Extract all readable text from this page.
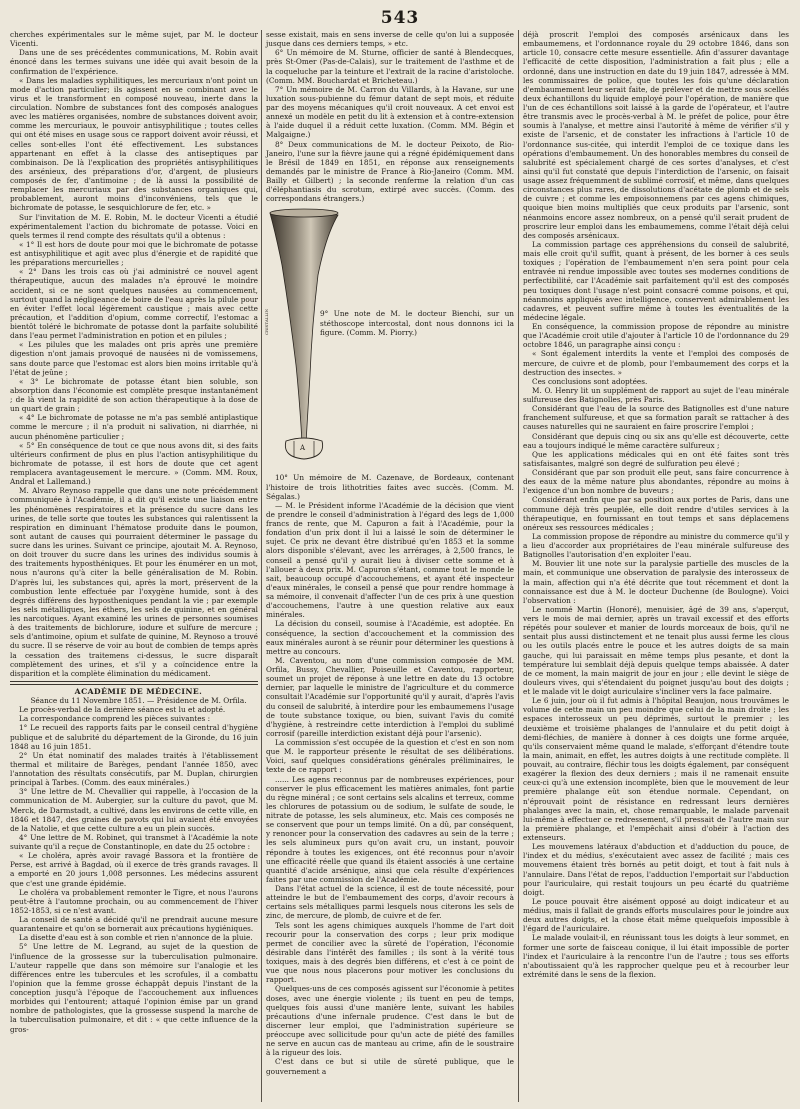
543

cherches expérimentales sur le même sujet, par M. le docteur Vicenti.

Dans une de ses précédentes communications, M. Robin avait énoncé dans les termes suivans une idée qui avait besoin de la confirmation de l'expérience.

« Dans les maladies syphilitiques, les mercuriaux n'ont point un mode d'action particulier; ils agissent en se combinant avec le virus et le transforment en composé nouveau, inerte dans la circulation. Nombre de substances font des composés analogues avec les matières organisées, nombre de substances doivent avoir, comme les mercuriaux, le pouvoir antisyphilitique ; toutes celles qui ont été mises en usage sous ce rapport doivent avoir réussi, et celles sont-elles l'ont été effectivement. Les substances appartenant en effet à la classe des antiseptiques par combinaison. De là l'explication des propriétés antisyphilitiques des arsénieux, des préparations d'or, d'argent, de plusieurs composés de fer, d'antimoine ; de là aussi la possibilité de remplacer les mercuriaux par des substances organiques qui, probablement, auront moins d'inconvéniens, tels que le bichromate de potasse, le sesquichlorure de fer, etc. »

Sur l'invitation de M. E. Robin, M. le docteur Vicenti a étudié expérimentalement l'action du bichromate de potasse. Voici en quels termes il rend compte des résultats qu'il a obtenus :

« 1° Il est hors de doute pour moi que le bichromate de potasse est antisyphilitique et agit avec plus d'énergie et de rapidité que les préparations mercurielles ;

« 2° Dans les trois cas où j'ai administré ce nouvel agent thérapeutique, aucun des malades n'a éprouvé le moindre accident, si ce ne sont quelques nausées au commencement, surtout quand la négligeance de boire de l'eau après la pilule pour en éviter l'effet local légèrement caustique ; mais avec cette précaution, et l'addition d'opium, comme correctif, l'estomac a bientôt toléré le bichromate de potasse dont la parfaite solubilité dans l'eau permet l'administration en potion et en pilules ;

« Les pilules que les malades ont pris après une première digestion n'ont jamais provoqué de nausées ni de vomissemens, sans doute parce que l'estomac est alors bien moins irritable qu'à l'état de jeûne ;

« 3° Le bichromate de potasse étant bien soluble, son absorption dans l'économie est complète presque instantanément ; de là vient la rapidité de son action thérapeutique à la dose de un quart de grain ;

« 4° Le bichromate de potasse ne m'a pas semblé antiplastique comme le mercure ; il n'a produit ni salivation, ni diarrhée, ni aucun phénomène particulier ;

« 5° En conséquence de tout ce que nous avons dit, si des faits ultérieurs confirment de plus en plus l'action antisyphilitique du bichromate de potasse, il est hors de doute que cet agent remplacera avantageusement le mercure. » (Comm. MM. Roux, Andral et Lallemand.)

M. Alvaro Reynoso rappelle que dans une note précédemment communiquée à l'Académie, il a dit qu'il existe une liaison entre les phénomènes respiratoires et la présence du sucre dans les urines, de telle sorte que toutes les substances qui ralentissent la respiration en diminuant l'hématose produite dans le poumon, sont autant de causes qui pourraient déterminer le passage du sucre dans les urines. Suivant ce principe, ajoutait M. A. Reynoso, on doit trouver du sucre dans les urines des individus soumis à des traitements hyposthéniques. Et pour les énumérer en un mot, nous n'aurons qu'à citer la belle généralisation de M. Robin. D'après lui, les substances qui, après la mort, préservent de la combustion lente effectuée par l'oxygène humide, sont à des degrés différens des hypostheniques pendant la vie ; par exemple les sels métalliques, les éthers, les sels de quinine, et en général les narcotiques. Ayant examiné les urines de personnes soumises à des traitements de bichlorure, iodure et sulfure de mercure ; sels d'antimoine, opium et sulfate de quinine, M. Reynoso a trouvé du sucre. Il se réserve de voir au bout de combien de temps après la cessation des traitemens ci-dessus, le sucre disparaît complètement des urines, et s'il y a coïncidence entre la disparition et la complète élimination du médicament.

ACADÉMIE DE MÉDECINE.

Séance du 11 Novembre 1851. — Présidence de M. Orfila.

Le procès-verbal de la dernière séance est lu et adopté.

La correspondance comprend les pièces suivantes :

1° Le recueil des rapports faits par le conseil central d'hygiène publique et de salubrité du département de la Gironde, du 16 juin 1848 au 16 juin 1851.

2° Un état nominatif des malades traités à l'établissement thermal et militaire de Barèges, pendant l'année 1850, avec l'annotation des résultats consécutifs, par M. Duplan, chirurgien principal à Tarbes. (Comm. des eaux minérales.)

3° Une lettre de M. Chevallier qui rappelle, à l'occasion de la communication de M. Aubergier, sur la culture du pavot, que M. Merck, de Darmstadt, a cultivé, dans les environs de cette ville, en 1846 et 1847, des graines de pavots qui lui avaient été envoyées de la Natolie, et que cette culture a eu un plein succès.

4° Une lettre de M. Robinet, qui transmet à l'Académie la note suivante qu'il a reçue de Constantinople, en date du 25 octobre :

« Le choléra, après avoir ravagé Bassora et la frontière de Perse, est arrivé à Bagdad, où il exerce de très grands ravages. Il a emporté en 20 jours 1,008 personnes. Les médecins assurent que c'est une grande épidémie.

Le choléra va probablement remonter le Tigre, et nous l'aurons peut-être à l'automne prochain, ou au commencement de l'hiver 1852-1853, si ce n'est avant.

La conseil de santé a décidé qu'il ne prendrait aucune mesure quarantenaire et qu'on se bornerait aux précautions hygiéniques.

La disette d'eau est à son comble et rien n'annonce de la pluie.

5° Une lettre de M. Legrand, au sujet de la question de l'influence de la grossesse sur la tuberculisation pulmonaire. L'auteur rappelle que dans son mémoire sur l'analogie et les différences entre les tubercules et les scrofules, il a combattu l'opinion que la femme grosse échappât depuis l'instant de la conception jusqu'à l'époque de l'accouchement aux influences morbides qui l'entourent; attaqué l'opinion émise par un grand nombre de pathologistes, que la grossesse suspend la marche de la tuberculisation pulmonaire, et dit : « que cette influence de la gros-

sesse existait, mais en sens inverse de celle qu'on lui a supposée jusque dans ces derniers temps, » etc.

6° Un mémoire de M. Sturne, officier de santé à Blendecques, près St-Omer (Pas-de-Calais), sur le traitement de l'asthme et de la coqueluche par la teinture et l'extrait de la racine d'aristoloche. (Comm. MM. Bouchardat et Bricheteau.)

7° Un mémoire de M. Carron du Villards, à la Havane, sur une luxation sous-pubienne du fémur datant de sept mois, et réduite par des moyens mécaniques qu'il croit nouveaux. A cet envoi est annexé un modèle en petit du lit à extension et à contre-extension à l'aide duquel il a réduit cette luxation. (Comm. MM. Bégin et Malgaigne.)

8° Deux communications de M. le docteur Peixoto, de Rio-Janeiro, l'une sur la fièvre jaune qui a régné épidémiquement dans le Brésil de 1849 en 1851, en réponse aux renseignements demandés par le ministre de France à Rio-Janeiro (Comm. MM. Bailly et Gilbert) ; la seconde renferme la relation d'un cas d'éléphantiasis du scrotum, extirpé avec succès. (Comm. des correspondans étrangers.)

A
CRISTALLIN	9° Une note de M. le docteur Bienchi, sur un stéthoscope intercostal, dont nous donnons ici la figure. (Comm. M. Piorry.)

10° Un mémoire de M. Cazenave, de Bordeaux, contenant l'histoire de trois lithotrities faites avec succès. (Comm. M. Ségalas.)

— M. le Président informe l'Académie de la décision que vient de prendre le conseil d'administration à l'égard des legs de 1,000 francs de rente, que M. Capuron a fait à l'Académie, pour la fondation d'un prix dont il lui a laissé le soin de déterminer le sujet. Ce prix ne devant être distribué qu'en 1853 et la somme alors disponible s'élevant, avec les arrérages, à 2,500 francs, le conseil a pensé qu'il y aurait lieu à diviser cette somme et à l'allouer à deux prix. M. Capuron s'étant, comme tout le monde le sait, beaucoup occupé d'accouchemens, et ayant été inspecteur d'eaux minérales, le conseil a pensé que pour rendre hommage à sa mémoire, il convenait d'affecter l'un de ces prix à une question d'accouchemens, l'autre à une question relative aux eaux minérales.

La décision du conseil, soumise à l'Académie, est adoptée. En conséquence, la section d'accouchement et la commission des eaux minérales auront à se réunir pour déterminer les questions à mettre au concours.

M. Caventou, au nom d'une commission composée de MM. Orfila, Bussy, Chevallier, Poiseuille et Caventou, rapporteur, soumet un projet de réponse à une lettre en date du 13 octobre dernier, par laquelle le ministre de l'agriculture et du commerce consultait l'Académie sur l'opportunité qu'il y aurait, d'après l'avis du conseil de salubrité, à interdire pour les embaumemens l'usage de toute substance toxique, ou bien, suivant l'avis du comité d'hygiène, à restreindre cette interdiction à l'emploi du sublimé corrosif (pareille interdiction existant déjà pour l'arsenic).

La commission s'est occupée de la question et c'est en son nom que M. le rapporteur présente le résultat de ses délibérations. Voici, sauf quelques considérations générales préliminaires, le texte de ce rapport :

...... Les agens reconnus par de nombreuses expériences, pour conserver le plus efficacement les matières animales, font partie du règne minéral ; ce sont certains sels alcalins et terreux, comme les chlorures de potassium ou de sodium, le sulfate de soude, le nitrate de potasse, les sels alumineux, etc. Mais ces composés ne se conservent que pour un temps limité. On a dû, par conséquent, y renoncer pour la conservation des cadavres au sein de la terre ; les sels alumineux purs qu'on avait cru, un instant, pouvoir répondre à toutes les exigences, ont été reconnus pour n'avoir une efficacité réelle que quand ils étaient associés à une certaine quantité d'acide arsénique, ainsi que cela résulte d'expériences faites par une commission de l'Académie.

Dans l'état actuel de la science, il est de toute nécessité, pour atteindre le but de l'embaumement des corps, d'avoir recours à certains sels métalliques parmi lesquels nous citerons les sels de zinc, de mercure, de plomb, de cuivre et de fer.

Tels sont les agens chimiques auxquels l'homme de l'art doit recourir pour la conservation des corps ; leur prix modique permet de concilier avec la sûreté de l'opération, l'économie désirable dans l'intérêt des familles ; ils sont à la vérité tous toxiques, mais à des degrés bien différens, et c'est à ce point de vue que nous nous placerons pour motiver les conclusions du rapport.

Quelques-uns de ces composés agissent sur l'économie à petites doses, avec une énergie violente ; ils tuent en peu de temps, quelques fois aussi d'une manière lente, suivant les habiles précautions d'une infernale prudence. C'est dans le but de discerner leur emploi, que l'administration supérieure se préoccupe avec sollicitude pour qu'un acte de piété des familles ne serve en aucun cas de manteau au crime, afin de le soustraire à la rigueur des lois.

C'est dans ce but si utile de sûreté publique, que le gouvernement a

déjà proscrit l'emploi des composés arsénicaux dans les embaumemens, et l'ordonnance royale du 29 octobre 1846, dans son article 10, consacre cette mesure essentielle. Afin d'assurer davantage l'efficacité de cette disposition, l'administration a fait plus ; elle a ordonné, dans une instruction en date du 19 juin 1847, adressée à MM. les commissaires de police, que toutes les fois qu'une déclaration d'embaumement leur serait faite, de prélever et de mettre sous scellés deux échantillons du liquide employé pour l'opération, de manière que l'un de ces échantillons soit laissé à la garde de l'opérateur, et l'autre être transmis avec le procès-verbal à M. le préfet de police, pour être soumis à l'analyse, et mettre ainsi l'autorité à même de vérifier s'il y existe de l'arsenic, et de constater les infractions à l'article 10 de l'ordonnance sus-citée, qui interdit l'emploi de ce toxique dans les opérations d'embaumement. Un des honorables membres du conseil de salubrité est spécialement chargé de ces sortes d'analyses, et c'est ainsi qu'il fut constaté que depuis l'interdiction de l'arsenic, on faisait usage assez fréquemment de sublimé corrosif, et même, dans quelques circonstances plus rares, de dissolutions d'acétate de plomb et de sels de cuivre ; et comme les empoisonnemens par ces agens chimiques, quoique bien moins multipliés que ceux produits par l'arsenic, sont néanmoins encore assez nombreux, on a pensé qu'il serait prudent de proscrire leur emploi dans les embaumemens, comme l'était déjà celui des composés arsénicaux.

La commission partage ces appréhensions du conseil de salubrité, mais elle croit qu'il suffit, quant à présent, de les borner à ces seuls toxiques ; l'opération de l'embaumement n'en sera point pour cela entravée ni rendue impossible avec toutes ses modernes conditions de perfectibilité, car l'Académie sait parfaitement qu'il est des composés peu toxiques dont l'usage n'est point consacré comme poisons, et qui, néanmoins appliqués avec intelligence, conservent admirablement les cadavres, et peuvent suffire même à toutes les éventualités de la médecine légale.

En conséquence, la commission propose de répondre au ministre que l'Académie croit utile d'ajouter à l'article 10 de l'ordonnance du 29 octobre 1846, un paragraphe ainsi conçu :

« Sont également interdits la vente et l'emploi des composés de mercure, de cuivre et de plomb, pour l'embaumement des corps et la destruction des insectes. »

Ces conclusions sont adoptées.

M. O. Henry lit un supplément de rapport au sujet de l'eau minérale sulfureuse des Batignolles, près Paris.

Considérant que l'eau de la source des Batignolles est d'une nature franchement sulfureuse, et que sa formation paraît se rattacher à des causes naturelles qui ne sauraient en faire proscrire l'emploi ;

Considérant que depuis cinq ou six ans qu'elle est découverte, cette eau a toujours indiqué le même caractère sulfureux ;

Que les applications médicales qui en ont été faites sont très satisfaisantes, malgré son degré de sulfuration peu élevé ;

Considérant que par son produit elle peut, sans faire concurrence à des eaux de la même nature plus abondantes, répondre au moins à l'exigence d'un bon nombre de buveurs ;

Considérant enfin que par sa position aux portes de Paris, dans une commune déjà très peuplée, elle doit rendre d'utiles services à la thérapeutique, en fournissant en tout temps et sans déplacemens onéreux ses ressources médicales ;

La commission propose de répondre au ministre du commerce qu'il y a lieu d'accorder aux propriétaires de l'eau minérale sulfureuse des Batignolles l'autorisation d'en exploiter l'eau.

M. Bouvier lit une note sur la paralysie partielle des muscles de la main, et communique une observation de paralysie des interosseux de la main, affection qui n'a été décrite que tout récemment et dont la connaissance est due à M. le docteur Duchenne (de Boulogne). Voici l'observation :

Le nommé Martin (Honoré), menuisier, âgé de 39 ans, s'aperçut, vers le mois de mai dernier, après un travail excessif et des efforts répétés pour soulever et manier de lourds morceaux de bois, qu'il ne sentait plus aussi distinctement et ne tenait plus aussi ferme les clous ou les outils placés entre le pouce et les autres doigts de sa main gauche, qui lui paraissait en même temps plus pesante, et dont la température lui semblait déjà depuis quelque temps abaissée. A dater de ce moment, la main maigrit de jour en jour ; elle devint le siège de douleurs vives, qui s'étendaient du poignet jusqu'au bout des doigts ; et le malade vit le doigt auriculaire s'incliner vers la face palmaire.

Le 6 juin, jour où il fut admis à l'hôpital Beaujon, nous trouvâmes le volume de cette main un peu moindre que celui de la main droite ; les espaces interosseux un peu déprimés, surtout le premier ; les deuxième et troisième phalanges de l'annulaire et du petit doigt à demi-fléchies, de manière à donner à ces doigts une forme arquée, qu'ils conservaient même quand le malade, s'efforçant d'étendre toute la main, animait, en effet, les autres doigts à une rectitude complète. Il pouvait, au contraire, fléchir tous les doigts également, par conséquent exagérer la flexion des deux derniers ; mais il ne ramenait ensuite ceux-ci qu'à une extension incomplète, bien que le mouvement de leur première phalange eût son étendue normale. Cependant, on n'éprouvait point de résistance en redressant leurs dernières phalanges avec la main, et, chose remarquable, le malade parvenait lui-même à effectuer ce redressement, s'il pressait de l'autre main sur la première phalange, et l'empêchait ainsi d'obéir à l'action des extenseurs.

Les mouvemens latéraux d'abduction et d'adduction du pouce, de l'index et du médius, s'exécutaient avec assez de facilité ; mais ces mouvemens étaient très bornés au petit doigt, et tout à fait nuls à l'annulaire. Dans l'état de repos, l'adduction l'emportait sur l'abduction pour l'auriculaire, qui restait toujours un peu écarté du quatrième doigt.

Le pouce pouvait être aisément opposé au doigt indicateur et au médius, mais il fallait de grands efforts musculaires pour le joindre aux deux autres doigts, et la chose était même quelquefois impossible à l'égard de l'auriculaire.

Le malade voulait-il, en réunissant tous les doigts à leur sommet, en former une sorte de faisceau conique, il lui était impossible de porter l'index et l'auriculaire à la rencontre l'un de l'autre ; tous ses efforts n'aboutissaient qu'à les rapprocher quelque peu et à recourber leur extrémité dans le sens de la flexion.
